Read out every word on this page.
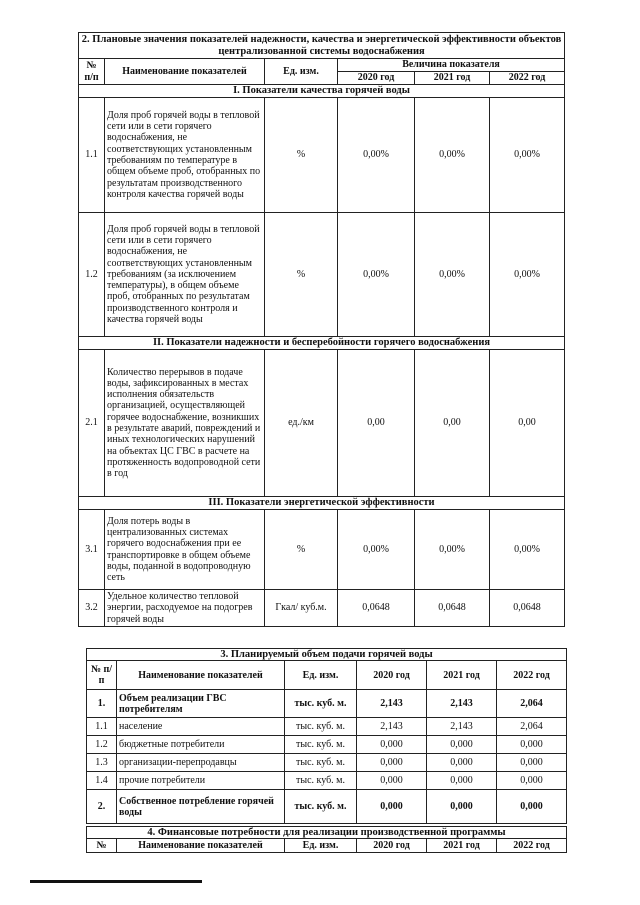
2. Плановые значения показателей надежности, качества и энергетической эффективности объектов централизованной системы водоснабжения					
№ п/п	Наименование показателей	Ед. изм.	Величина показателя		
			2020 год	2021 год	2022 год
I. Показатели качества горячей воды					
1.1	Доля проб горячей воды в тепловой сети или в сети горячего водоснабжения, не соответствующих установленным требованиям по температуре в общем объеме проб, отобранных по результатам производственного контроля качества горячей воды	%	0,00%	0,00%	0,00%
1.2	Доля проб горячей воды в тепловой сети или в сети горячего водоснабжения, не соответствующих установленным требованиям (за исключением температуры), в общем объеме проб, отобранных по результатам производственного контроля и качества горячей воды	%	0,00%	0,00%	0,00%
II. Показатели надежности и бесперебойности горячего водоснабжения					
2.1	Количество перерывов в подаче воды, зафиксированных в местах исполнения обязательств организацией, осуществляющей горячее водоснабжение, возникших в результате аварий, повреждений и иных технологических нарушений на объектах ЦС ГВС в расчете на протяженность водопроводной сети в год	ед./км	0,00	0,00	0,00
III. Показатели энергетической эффективности					
3.1	Доля потерь воды в централизованных системах горячего водоснабжения при ее транспортировке в общем объеме воды, поданной в водопроводную сеть	%	0,00%	0,00%	0,00%
3.2	Удельное количество тепловой энергии, расходуемое на подогрев горячей воды	Гкал/ куб.м.	0,0648	0,0648	0,0648
3. Планируемый объем подачи горячей воды					
№ п/п	Наименование показателей	Ед. изм.	2020 год	2021 год	2022 год
1.	Объем реализации ГВС потребителям	тыс. куб. м.	2,143	2,143	2,064
1.1	население	тыс. куб. м.	2,143	2,143	2,064
1.2	бюджетные потребители	тыс. куб. м.	0,000	0,000	0,000
1.3	организации-перепродавцы	тыс. куб. м.	0,000	0,000	0,000
1.4	прочие потребители	тыс. куб. м.	0,000	0,000	0,000
2.	Собственное потребление горячей воды	тыс. куб. м.	0,000	0,000	0,000
4. Финансовые потребности для реализации производственной программы
№	Наименование показателей	Ед. изм.	2020 год	2021 год	2022 год
